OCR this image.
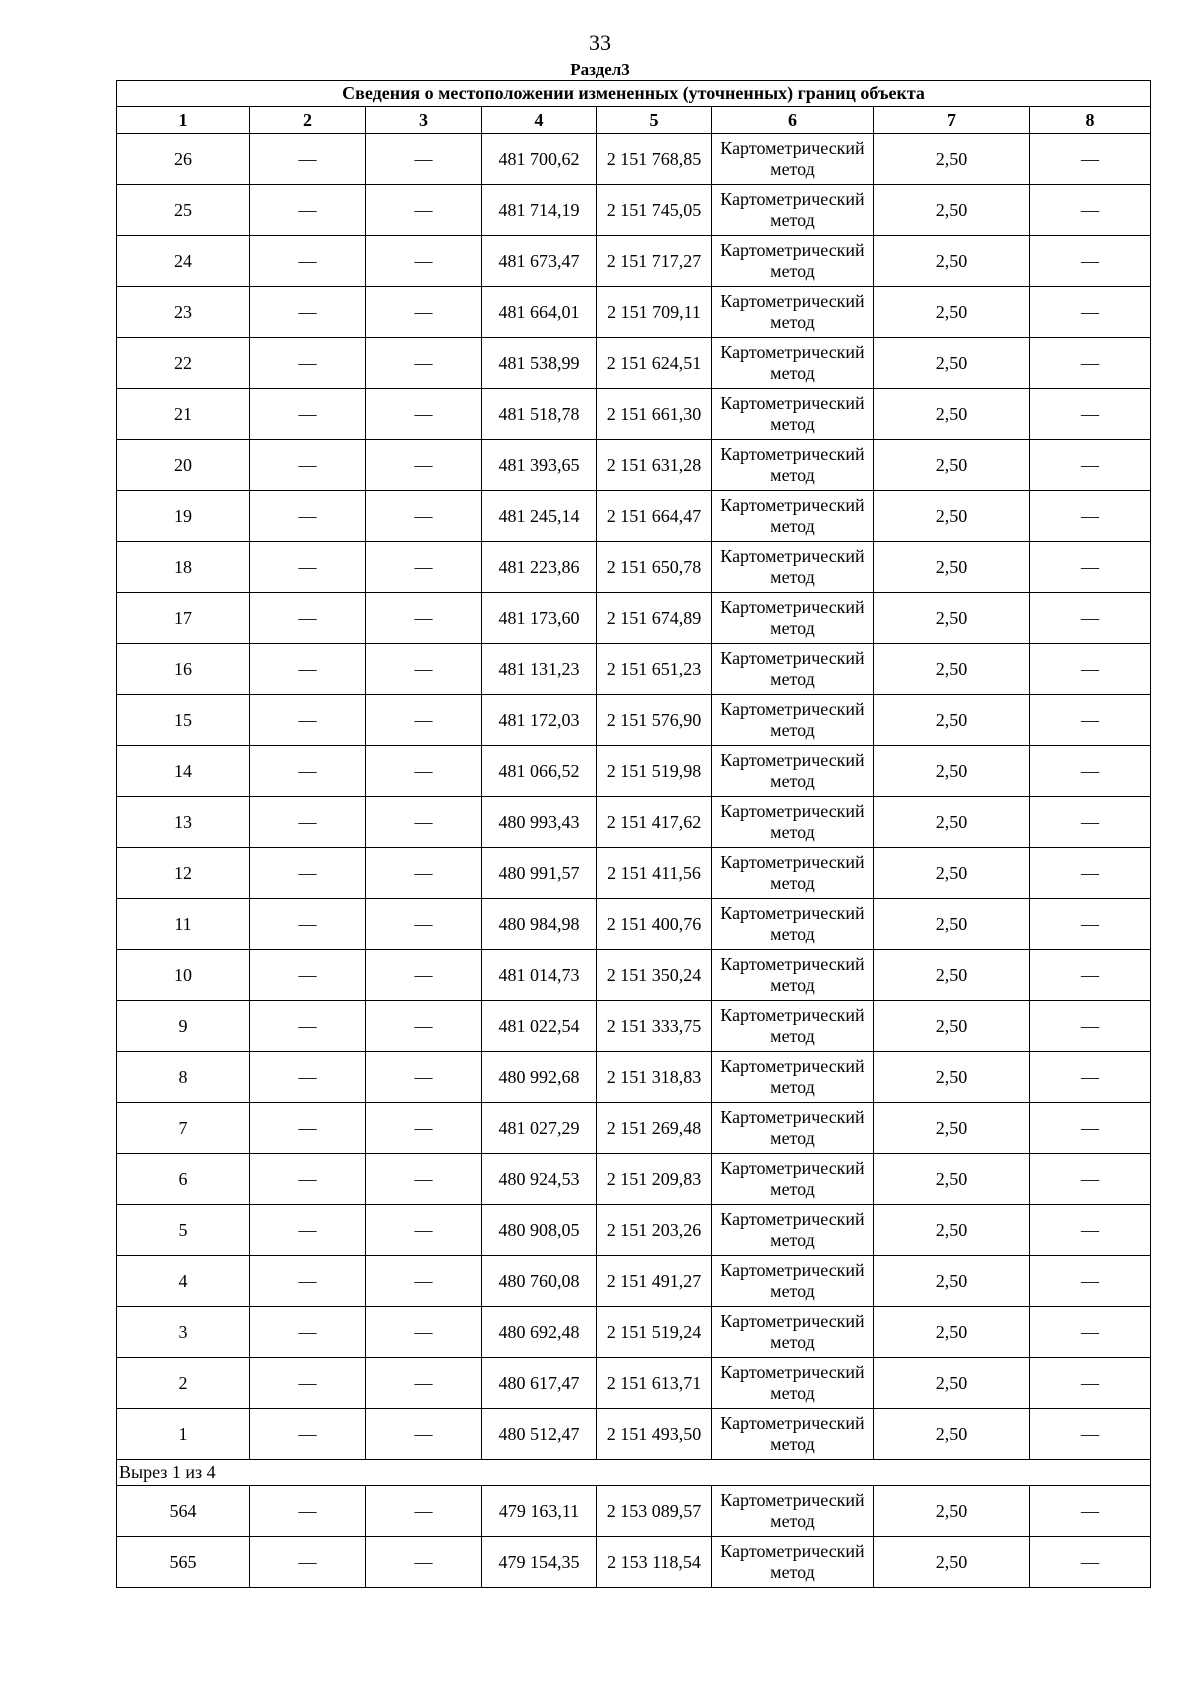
33
Раздел3
Сведения о местоположении измененных (уточненных) границ объекта							
1	2	3	4	5	6	7	8
26	—	—	481 700,62	2 151 768,85	Картометрический метод	2,50	—
25	—	—	481 714,19	2 151 745,05	Картометрический метод	2,50	—
24	—	—	481 673,47	2 151 717,27	Картометрический метод	2,50	—
23	—	—	481 664,01	2 151 709,11	Картометрический метод	2,50	—
22	—	—	481 538,99	2 151 624,51	Картометрический метод	2,50	—
21	—	—	481 518,78	2 151 661,30	Картометрический метод	2,50	—
20	—	—	481 393,65	2 151 631,28	Картометрический метод	2,50	—
19	—	—	481 245,14	2 151 664,47	Картометрический метод	2,50	—
18	—	—	481 223,86	2 151 650,78	Картометрический метод	2,50	—
17	—	—	481 173,60	2 151 674,89	Картометрический метод	2,50	—
16	—	—	481 131,23	2 151 651,23	Картометрический метод	2,50	—
15	—	—	481 172,03	2 151 576,90	Картометрический метод	2,50	—
14	—	—	481 066,52	2 151 519,98	Картометрический метод	2,50	—
13	—	—	480 993,43	2 151 417,62	Картометрический метод	2,50	—
12	—	—	480 991,57	2 151 411,56	Картометрический метод	2,50	—
11	—	—	480 984,98	2 151 400,76	Картометрический метод	2,50	—
10	—	—	481 014,73	2 151 350,24	Картометрический метод	2,50	—
9	—	—	481 022,54	2 151 333,75	Картометрический метод	2,50	—
8	—	—	480 992,68	2 151 318,83	Картометрический метод	2,50	—
7	—	—	481 027,29	2 151 269,48	Картометрический метод	2,50	—
6	—	—	480 924,53	2 151 209,83	Картометрический метод	2,50	—
5	—	—	480 908,05	2 151 203,26	Картометрический метод	2,50	—
4	—	—	480 760,08	2 151 491,27	Картометрический метод	2,50	—
3	—	—	480 692,48	2 151 519,24	Картометрический метод	2,50	—
2	—	—	480 617,47	2 151 613,71	Картометрический метод	2,50	—
1	—	—	480 512,47	2 151 493,50	Картометрический метод	2,50	—
Вырез 1 из 4							
564	—	—	479 163,11	2 153 089,57	Картометрический метод	2,50	—
565	—	—	479 154,35	2 153 118,54	Картометрический метод	2,50	—
